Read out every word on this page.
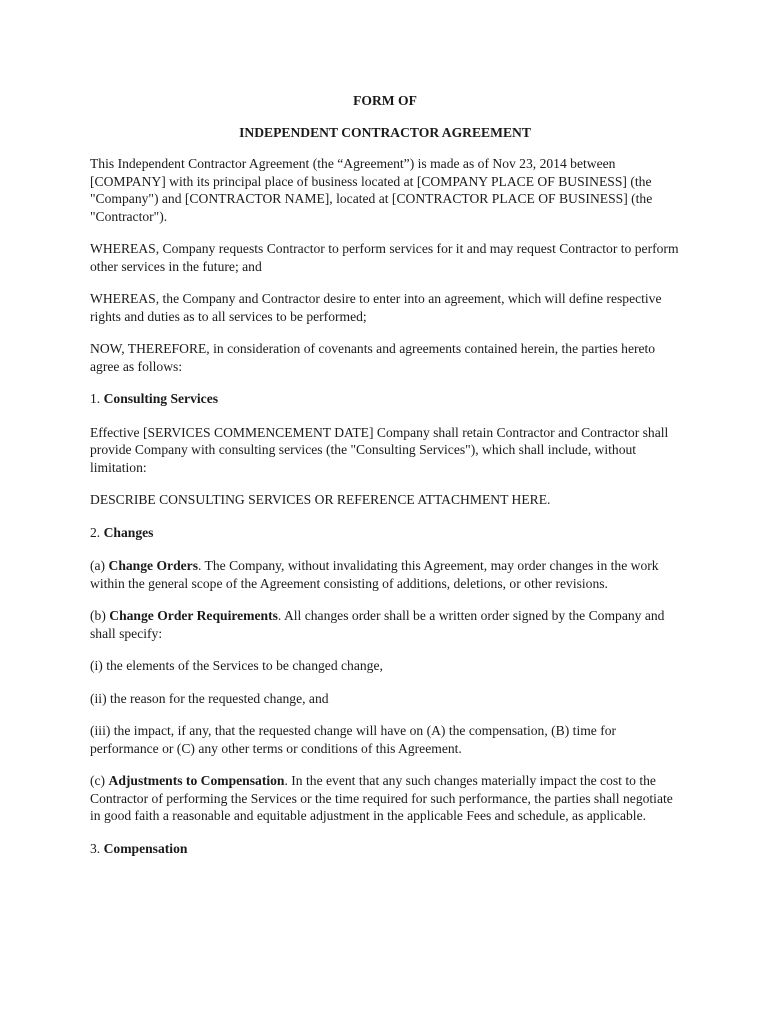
FORM OF
INDEPENDENT CONTRACTOR AGREEMENT

This Independent Contractor Agreement (the “Agreement”) is made as of Nov 23, 2014 between [COMPANY] with its principal place of business located at [COMPANY PLACE OF BUSINESS] (the "Company") and [CONTRACTOR NAME], located at [CONTRACTOR PLACE OF BUSINESS] (the "Contractor").

WHEREAS, Company requests Contractor to perform services for it and may request Contractor to perform other services in the future; and

WHEREAS, the Company and Contractor desire to enter into an agreement, which will define respective rights and duties as to all services to be performed;

NOW, THEREFORE, in consideration of covenants and agreements contained herein, the parties hereto agree as follows:

1. Consulting Services

Effective [SERVICES COMMENCEMENT DATE] Company shall retain Contractor and Contractor shall provide Company with consulting services (the "Consulting Services"), which shall include, without limitation:

DESCRIBE CONSULTING SERVICES OR REFERENCE ATTACHMENT HERE.

2. Changes

(a) Change Orders. The Company, without invalidating this Agreement, may order changes in the work within the general scope of the Agreement consisting of additions, deletions, or other revisions.

(b) Change Order Requirements. All changes order shall be a written order signed by the Company and shall specify:

(i) the elements of the Services to be changed change,

(ii) the reason for the requested change, and

(iii) the impact, if any, that the requested change will have on (A) the compensation, (B) time for performance or (C) any other terms or conditions of this Agreement.

(c) Adjustments to Compensation. In the event that any such changes materially impact the cost to the Contractor of performing the Services or the time required for such performance, the parties shall negotiate in good faith a reasonable and equitable adjustment in the applicable Fees and schedule, as applicable.

3. Compensation
